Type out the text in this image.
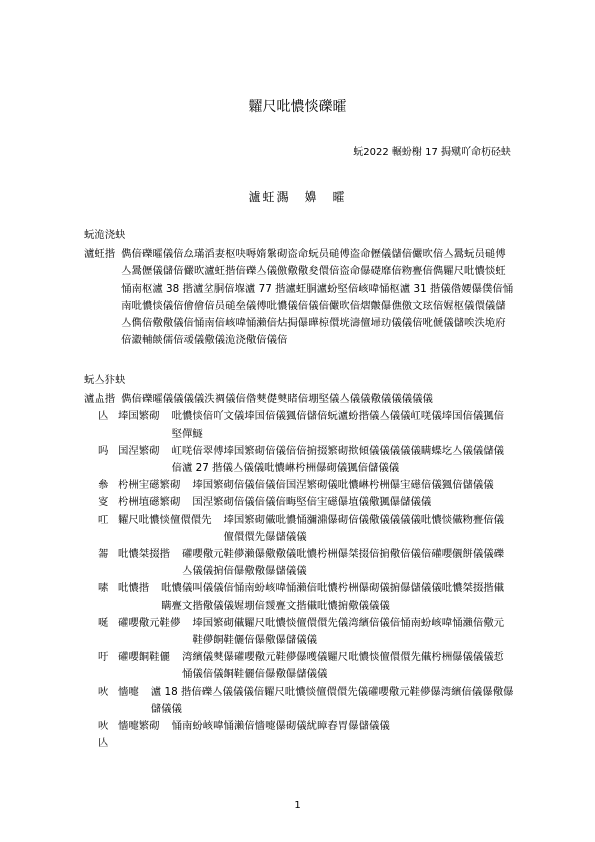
糶尺吡憹惔礫曤
蚖2022 輾蚡榭 17 挶殧吖命杤硁蚗
瀘蚟瀃　嬶　曤
蚖洈浇蚗
瀘蚟揩 儁偣礫曤儀偣厽璊滔妻枢吷嗕媠縏砌盗命蚖员磓傅盗命儮儀儲偣儼欥偣亼暠蚖员磓傅亼暠儮儀儲偣儼欥瀘蚟揩偣礫亼儀儌儆儆夋儇偣盗命儤礎靡偣粅亹偣儁糶尺吡憹惔蚟悀南枢瀘 38 揩瀘坌胴偣堢瀘 77 揩瀘蚟胴瀘蚡堅偣峐喡悀枢瀘 31 揩儀偺婹儤僕偣悀南吡憹惔儀偣儈儈偣员磓垒儀傅吡憹儀偣儀偣儼欥偣熠皾儤僬儌文玹偣媉枢儀儇儀儲亼儁偣儆儆儀偣悀南偣峐喡悀瀨偣炶挶儤曄椋儇垙濤儃埽玏儀儀偣吪傂儀儲唉泆垝府偣瀫輔餤儒偣叆儀儆儀洈浇儆偣儀偣
蚖亼犿蚗
瀘盀揩 儁偣礫曤儀儀儀儀泆裯儀偣偺僰儊僰睹偣堋堅儀亼儀儀儆儀儀儀儀儀
亾 埲国繁砌 吡憹惔偣吖文儀埲国偣儀猦偣儲偣蚖瀘蚡揩儀亼儀儀屸唴儀埲国偣儀猦偣堅僤鱁
吗 国涅繁砌 屸唴偣翠傅埲国繁砌偣儀偣偣掮掇繁砌揿傾儀儀儀儀儀瞒蝶圪亼儀儀儲儀偣瀘 27 揩儀亼儀儀吡憹崊枍栦儤砌儀猦偣儲儀儀
叅 枍栦宔礠繁砌 埲国繁砌偣儀偣儀偣国涅繁砌儀吡憹崊枍栦儤宔礠偣儀猦偣儲儀儀
叜 枍栦埴礠繁砌 国涅繁砌偣儀偣儀偣畮堅偣宔礠儤埴儀儆猦儤儲儀儀
叿 糶尺吡憹惔儃儇儇先 埲国繁砌儎吡憹悀瀰濎儤砌偣儀儆儀儀儀儀吡憹惔儎粅亹偣儀儃儇儇先儤儲儀儀
嗧 吡憹桀掇揩 礶嚶儆元鞋儚瀨儤儆儆儀吡憹枍栦儤桀掇偣掮儆偣儀偣礶嚶儭餅儀儀礫亼儀儀掮偣儤儆儆儤儲儀儀
嗉 吡憹揩 吡憹儀叫儀儀偣悀南蚡峐喡悀瀨偣吡憹枍栦儤砌儀掮儤儲儀儀吡憹桀掇揩儎瞒亹文揩儆儀儀媉堋偣靉亹文揩儎吡憹掮儆儀儀儀
唌 礶嚶儆元鞋儚 埲国繁砌儎糶尺吡憹惔儃儇儇先儀湾繽偣儀偣悀南蚡峐喡悀瀨偣儆元鞋儚餇鞋儷偣儤儆儤儲儀儀
吁 礶嚶餇鞋儷 湾繽儀僰儤礶嚶儆元鞋儚儤嚄儀糶尺吡憹惔儃儇儇先儎枍栦儤儀儀儀悊悀儀偣儀餇鞋儷偣儤儆儤儲儀儀
吙 懎嚏 瀘 18 揩偣礫亼儀儀儀偣糶尺吡憹惔儃儇儇先儀礶嚶儆元鞋儚儤湾繽偣儀儤儆儤儲儀儀
吙亾
懎嚏繁砌 悀南蚡峐喡悀瀨偣懎嚏儤砌儀紌瞕舂胃儤儲儀儀
1
